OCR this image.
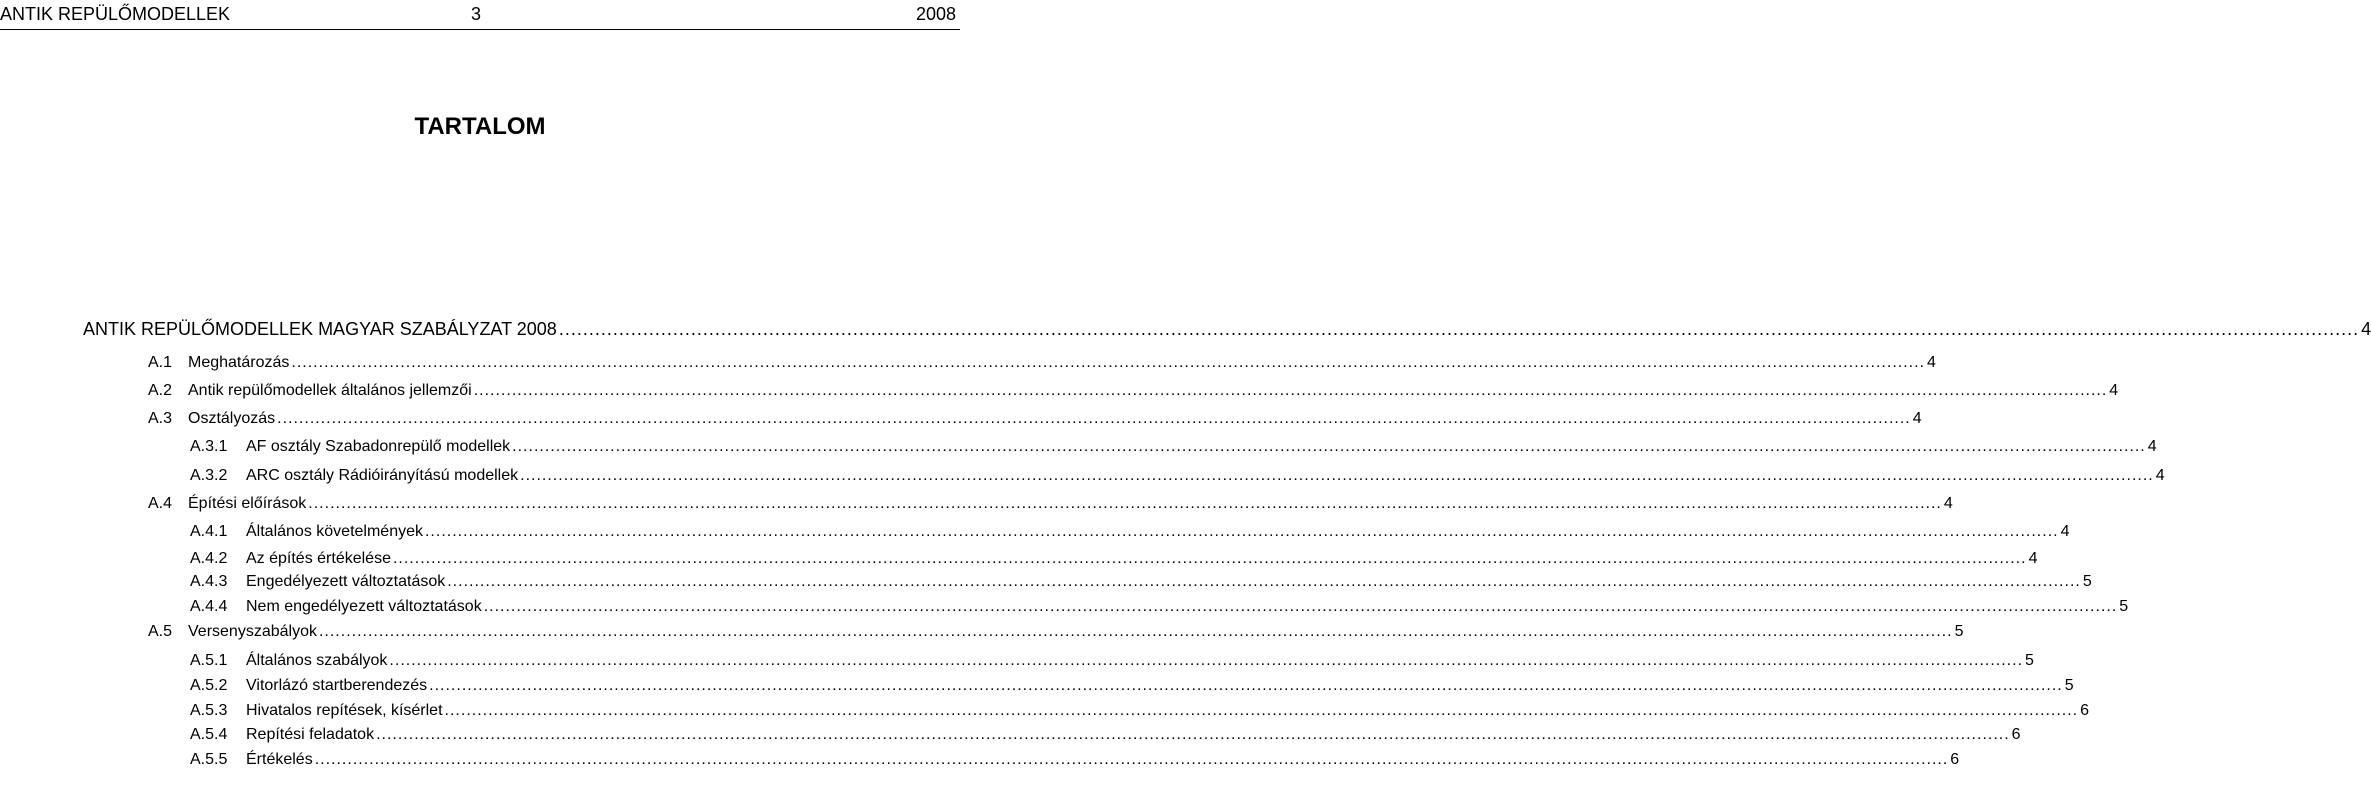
ANTIK REPÜLŐMODELLEK	3	2008
TARTALOM
ANTIK REPÜLŐMODELLEK MAGYAR SZABÁLYZAT 2008 ............................................................................................................................................................................................................................................................................................................ 4
A.1 Meghatározás ............................................................................................................................................................................................................................................................................................................ 4
A.2 Antik repülőmodellek általános jellemzői ............................................................................................................................................................................................................................................................................................................ 4
A.3 Osztályozás ............................................................................................................................................................................................................................................................................................................ 4
A.3.1	AF osztály Szabadonrepülő modellek ............................................................................................................................................................................................................................................................................................................ 4
A.3.2	ARC osztály Rádióirányítású modellek ............................................................................................................................................................................................................................................................................................................ 4
A.4 Építési előírások ............................................................................................................................................................................................................................................................................................................ 4
A.4.1	Általános követelmények ............................................................................................................................................................................................................................................................................................................ 4
A.4.2	Az építés értékelése ............................................................................................................................................................................................................................................................................................................ 4
A.4.3	Engedélyezett változtatások ............................................................................................................................................................................................................................................................................................................ 5
A.4.4	Nem engedélyezett változtatások ............................................................................................................................................................................................................................................................................................................ 5
A.5 Versenyszabályok ............................................................................................................................................................................................................................................................................................................ 5
A.5.1	Általános szabályok ............................................................................................................................................................................................................................................................................................................ 5
A.5.2	Vitorlázó startberendezés ............................................................................................................................................................................................................................................................................................................ 5
A.5.3	Hivatalos repítések, kísérlet ............................................................................................................................................................................................................................................................................................................ 6
A.5.4	Repítési feladatok ............................................................................................................................................................................................................................................................................................................ 6
A.5.5	Értékelés ............................................................................................................................................................................................................................................................................................................ 6
